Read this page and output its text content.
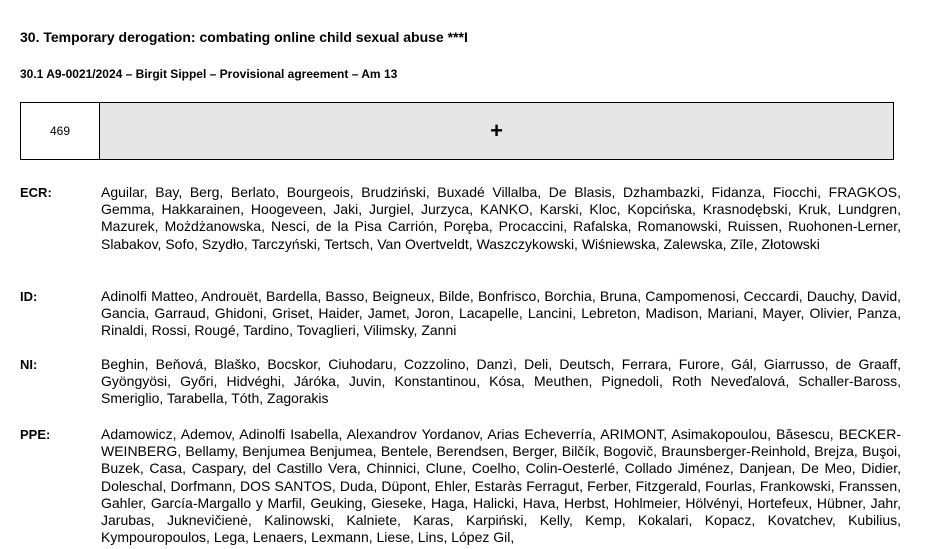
30. Temporary derogation: combating online child sexual abuse ***I
30.1 A9-0021/2024 – Birgit Sippel – Provisional agreement – Am 13
469	+
ECR:	Aguilar, Bay, Berg, Berlato, Bourgeois, Brudziński, Buxadé Villalba, De Blasis, Dzhambazki, Fidanza, Fiocchi, FRAGKOS, Gemma, Hakkarainen, Hoogeveen, Jaki, Jurgiel, Jurzyca, KANKO, Karski, Kloc, Kopcińska, Krasnodębski, Kruk, Lundgren, Mazurek, Możdżanowska, Nesci, de la Pisa Carrión, Poręba, Procaccini, Rafalska, Romanowski, Ruissen, Ruohonen-Lerner, Slabakov, Sofo, Szydło, Tarczyński, Tertsch, Van Overtveldt, Waszczykowski, Wiśniewska, Zalewska, Zīle, Złotowski
ID:	Adinolfi Matteo, Androuët, Bardella, Basso, Beigneux, Bilde, Bonfrisco, Borchia, Bruna, Campomenosi, Ceccardi, Dauchy, David, Gancia, Garraud, Ghidoni, Griset, Haider, Jamet, Joron, Lacapelle, Lancini, Lebreton, Madison, Mariani, Mayer, Olivier, Panza, Rinaldi, Rossi, Rougé, Tardino, Tovaglieri, Vilimsky, Zanni
NI:	Beghin, Beňová, Blaško, Bocskor, Ciuhodaru, Cozzolino, Danzì, Deli, Deutsch, Ferrara, Furore, Gál, Giarrusso, de Graaff, Gyöngyösi, Győri, Hidvéghi, Járóka, Juvin, Konstantinou, Kósa, Meuthen, Pignedoli, Roth Neveďalová, Schaller-Baross, Smeriglio, Tarabella, Tóth, Zagorakis
PPE:	Adamowicz, Ademov, Adinolfi Isabella, Alexandrov Yordanov, Arias Echeverría, ARIMONT, Asimakopoulou, Băsescu, BECKER-WEINBERG, Bellamy, Benjumea Benjumea, Bentele, Berendsen, Berger, Bilčík, Bogovič, Braunsberger-Reinhold, Brejza, Buşoi, Buzek, Casa, Caspary, del Castillo Vera, Chinnici, Clune, Coelho, Colin-Oesterlé, Collado Jiménez, Danjean, De Meo, Didier, Doleschal, Dorfmann, DOS SANTOS, Duda, Düpont, Ehler, Estaràs Ferragut, Ferber, Fitzgerald, Fourlas, Frankowski, Franssen, Gahler, García-Margallo y Marfil, Geuking, Gieseke, Haga, Halicki, Hava, Herbst, Hohlmeier, Hölvényi, Hortefeux, Hübner, Jahr, Jarubas, Juknevičienė, Kalinowski, Kalniete, Karas, Karpiński, Kelly, Kemp, Kokalari, Kopacz, Kovatchev, Kubilius, Kympouropoulos, Lega, Lenaers, Lexmann, Liese, Lins, López Gil,
